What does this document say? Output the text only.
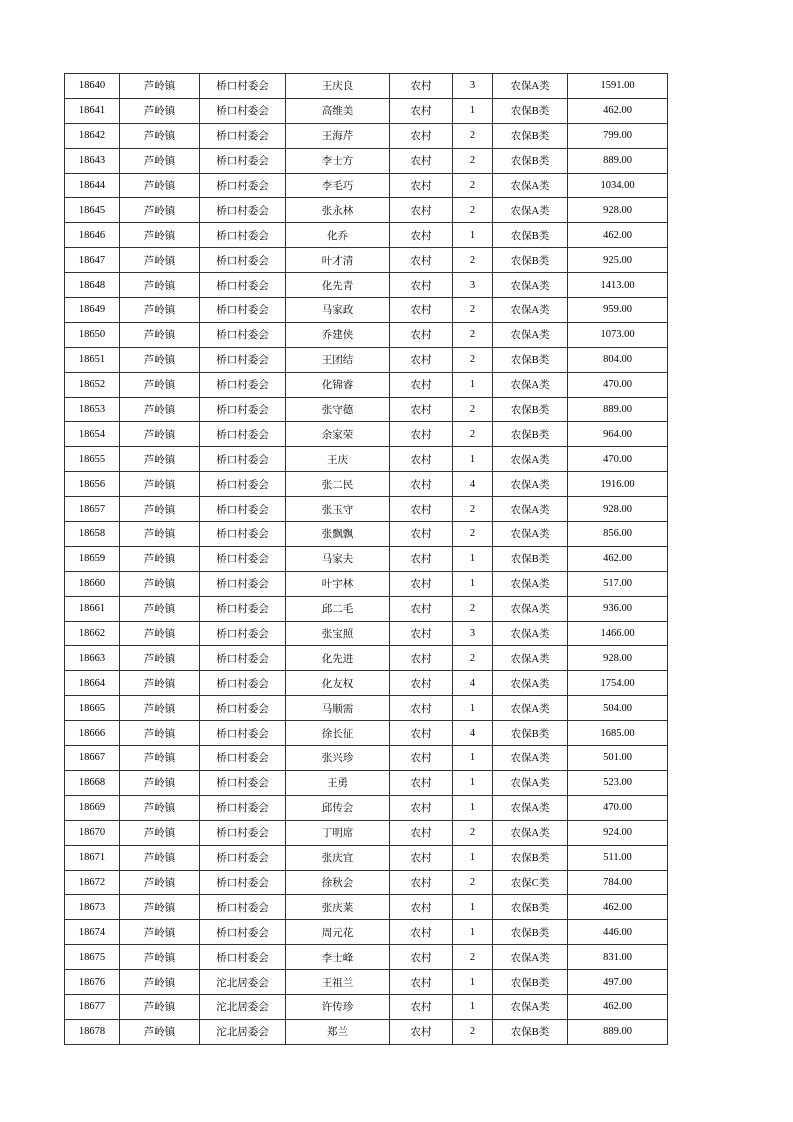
18640	芦岭镇	桥口村委会	王庆良	农村	3	农保A类	1591.00
18641	芦岭镇	桥口村委会	高维美	农村	1	农保B类	462.00
18642	芦岭镇	桥口村委会	王海芹	农村	2	农保B类	799.00
18643	芦岭镇	桥口村委会	李士方	农村	2	农保B类	889.00
18644	芦岭镇	桥口村委会	李毛巧	农村	2	农保A类	1034.00
18645	芦岭镇	桥口村委会	张永林	农村	2	农保A类	928.00
18646	芦岭镇	桥口村委会	化乔	农村	1	农保B类	462.00
18647	芦岭镇	桥口村委会	叶才清	农村	2	农保B类	925.00
18648	芦岭镇	桥口村委会	化先青	农村	3	农保A类	1413.00
18649	芦岭镇	桥口村委会	马家政	农村	2	农保A类	959.00
18650	芦岭镇	桥口村委会	乔建侠	农村	2	农保A类	1073.00
18651	芦岭镇	桥口村委会	王团结	农村	2	农保B类	804.00
18652	芦岭镇	桥口村委会	化锦睿	农村	1	农保A类	470.00
18653	芦岭镇	桥口村委会	张守德	农村	2	农保B类	889.00
18654	芦岭镇	桥口村委会	余家荣	农村	2	农保B类	964.00
18655	芦岭镇	桥口村委会	王庆	农村	1	农保A类	470.00
18656	芦岭镇	桥口村委会	张二民	农村	4	农保A类	1916.00
18657	芦岭镇	桥口村委会	张玉守	农村	2	农保A类	928.00
18658	芦岭镇	桥口村委会	张飘飘	农村	2	农保A类	856.00
18659	芦岭镇	桥口村委会	马家夫	农村	1	农保B类	462.00
18660	芦岭镇	桥口村委会	叶宇林	农村	1	农保A类	517.00
18661	芦岭镇	桥口村委会	邱二毛	农村	2	农保A类	936.00
18662	芦岭镇	桥口村委会	张宝照	农村	3	农保A类	1466.00
18663	芦岭镇	桥口村委会	化先进	农村	2	农保A类	928.00
18664	芦岭镇	桥口村委会	化友权	农村	4	农保A类	1754.00
18665	芦岭镇	桥口村委会	马顺需	农村	1	农保A类	504.00
18666	芦岭镇	桥口村委会	徐长征	农村	4	农保B类	1685.00
18667	芦岭镇	桥口村委会	张兴珍	农村	1	农保A类	501.00
18668	芦岭镇	桥口村委会	王勇	农村	1	农保A类	523.00
18669	芦岭镇	桥口村委会	邱传会	农村	1	农保A类	470.00
18670	芦岭镇	桥口村委会	丁明席	农村	2	农保A类	924.00
18671	芦岭镇	桥口村委会	张庆宜	农村	1	农保B类	511.00
18672	芦岭镇	桥口村委会	徐秋会	农村	2	农保C类	784.00
18673	芦岭镇	桥口村委会	张庆莱	农村	1	农保B类	462.00
18674	芦岭镇	桥口村委会	周元花	农村	1	农保B类	446.00
18675	芦岭镇	桥口村委会	李士峰	农村	2	农保A类	831.00
18676	芦岭镇	沱北居委会	王祖兰	农村	1	农保B类	497.00
18677	芦岭镇	沱北居委会	许传珍	农村	1	农保A类	462.00
18678	芦岭镇	沱北居委会	郑兰	农村	2	农保B类	889.00
